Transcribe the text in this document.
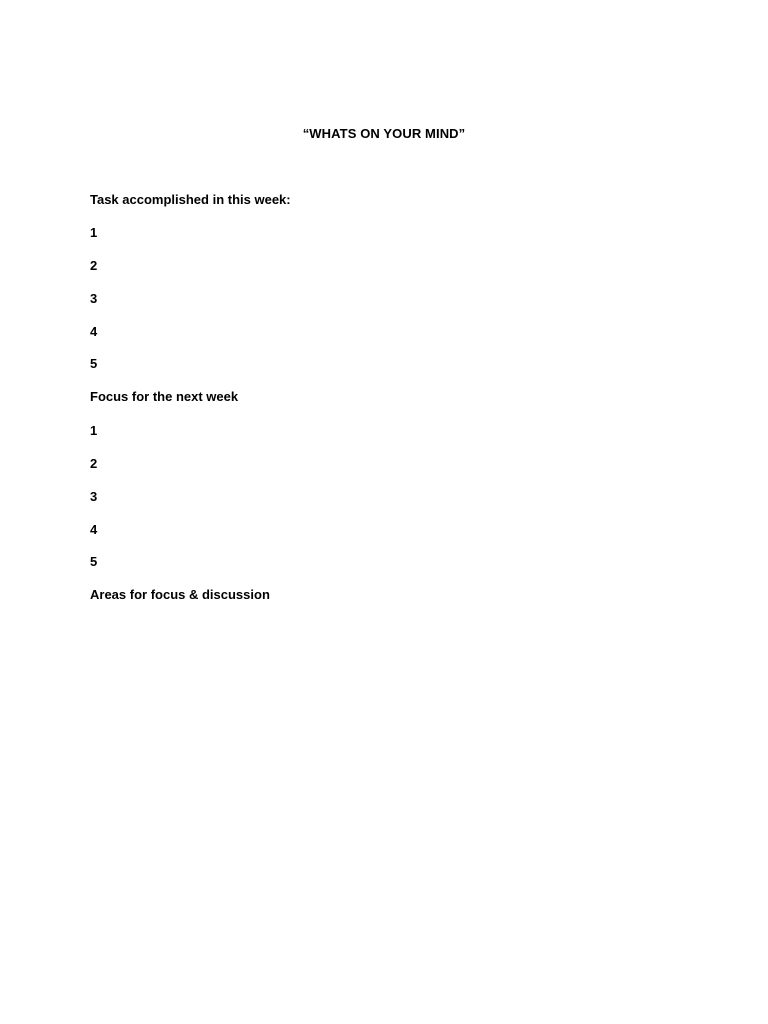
“WHATS ON YOUR MIND”
Task accomplished in this week:
1
2
3
4
5
Focus for the next week
1
2
3
4
5
Areas for focus & discussion
